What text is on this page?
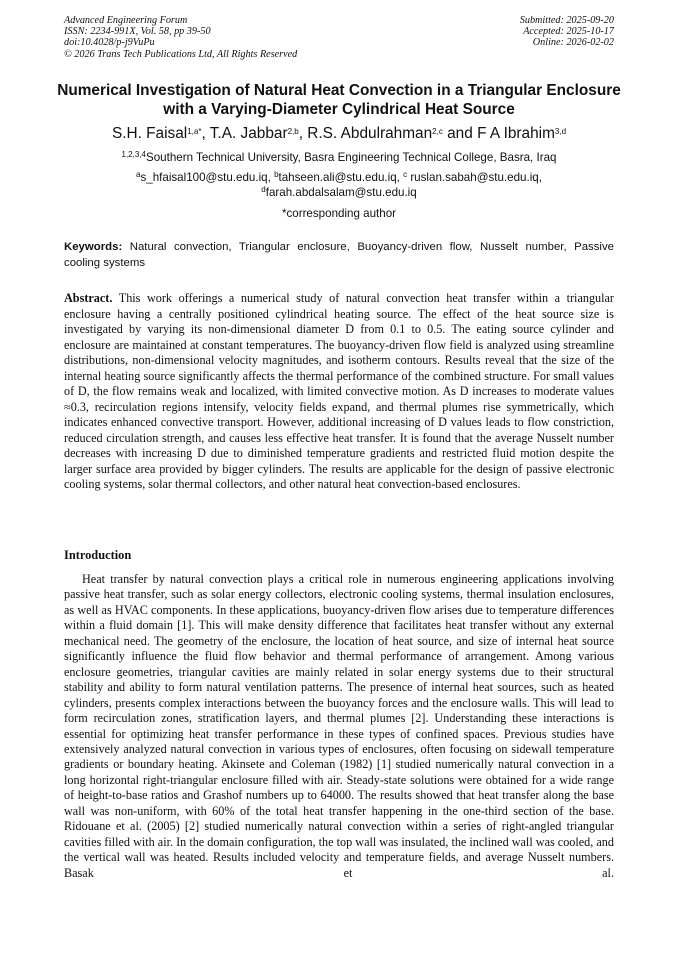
Advanced Engineering Forum
ISSN: 2234-991X, Vol. 58, pp 39-50
doi:10.4028/p-j9VuPu
© 2026 Trans Tech Publications Ltd, All Rights Reserved
Submitted: 2025-09-20
Accepted: 2025-10-17
Online: 2026-02-02
Numerical Investigation of Natural Heat Convection in a Triangular Enclosure with a Varying-Diameter Cylindrical Heat Source
S.H. Faisal$^{1,a*}$, T.A. Jabbar$^{2,b}$, R.S. Abdulrahman$^{2,c}$ and F A Ibrahim$^{3,d}$
$^{1,2,3,4}$Southern Technical University, Basra Engineering Technical College, Basra, Iraq
$^a$s_hfaisal100@stu.edu.iq, $^b$tahseen.ali@stu.edu.iq, $^c$ ruslan.sabah@stu.edu.iq,
$^d$farah.abdalsalam@stu.edu.iq
*corresponding author
Keywords: Natural convection, Triangular enclosure, Buoyancy-driven flow, Nusselt number, Passive cooling systems
Abstract. This work offerings a numerical study of natural convection heat transfer within a triangular enclosure having a centrally positioned cylindrical heating source. The effect of the heat source size is investigated by varying its non-dimensional diameter D from 0.1 to 0.5. The eating source cylinder and enclosure are maintained at constant temperatures. The buoyancy-driven flow field is analyzed using streamline distributions, non-dimensional velocity magnitudes, and isotherm contours. Results reveal that the size of the internal heating source significantly affects the thermal performance of the combined structure. For small values of D, the flow remains weak and localized, with limited convective motion. As D increases to moderate values ≈0.3, recirculation regions intensify, velocity fields expand, and thermal plumes rise symmetrically, which indicates enhanced convective transport. However, additional increasing of D values leads to flow constriction, reduced circulation strength, and causes less effective heat transfer. It is found that the average Nusselt number decreases with increasing D due to diminished temperature gradients and restricted fluid motion despite the larger surface area provided by bigger cylinders. The results are applicable for the design of passive electronic cooling systems, solar thermal collectors, and other natural heat convection-based enclosures.
Introduction
Heat transfer by natural convection plays a critical role in numerous engineering applications involving passive heat transfer, such as solar energy collectors, electronic cooling systems, thermal insulation enclosures, as well as HVAC components. In these applications, buoyancy-driven flow arises due to temperature differences within a fluid domain [1]. This will make density difference that facilitates heat transfer without any external mechanical need. The geometry of the enclosure, the location of heat source, and size of internal heat source significantly influence the fluid flow behavior and thermal performance of arrangement. Among various enclosure geometries, triangular cavities are mainly related in solar energy systems due to their structural stability and ability to form natural ventilation patterns. The presence of internal heat sources, such as heated cylinders, presents complex interactions between the buoyancy forces and the enclosure walls. This will lead to form recirculation zones, stratification layers, and thermal plumes [2]. Understanding these interactions is essential for optimizing heat transfer performance in these types of confined spaces. Previous studies have extensively analyzed natural convection in various types of enclosures, often focusing on sidewall temperature gradients or boundary heating. Akinsete and Coleman (1982) [1] studied numerically natural convection in a long horizontal right-triangular enclosure filled with air. Steady-state solutions were obtained for a wide range of height-to-base ratios and Grashof numbers up to 64000. The results showed that heat transfer along the base wall was non-uniform, with 60% of the total heat transfer happening in the one-third section of the base. Ridouane et al. (2005) [2] studied numerically natural convection within a series of right-angled triangular cavities filled with air. In the domain configuration, the top wall was insulated, the inclined wall was cooled, and the vertical wall was heated. Results included velocity and temperature fields, and average Nusselt numbers. Basak et al.
